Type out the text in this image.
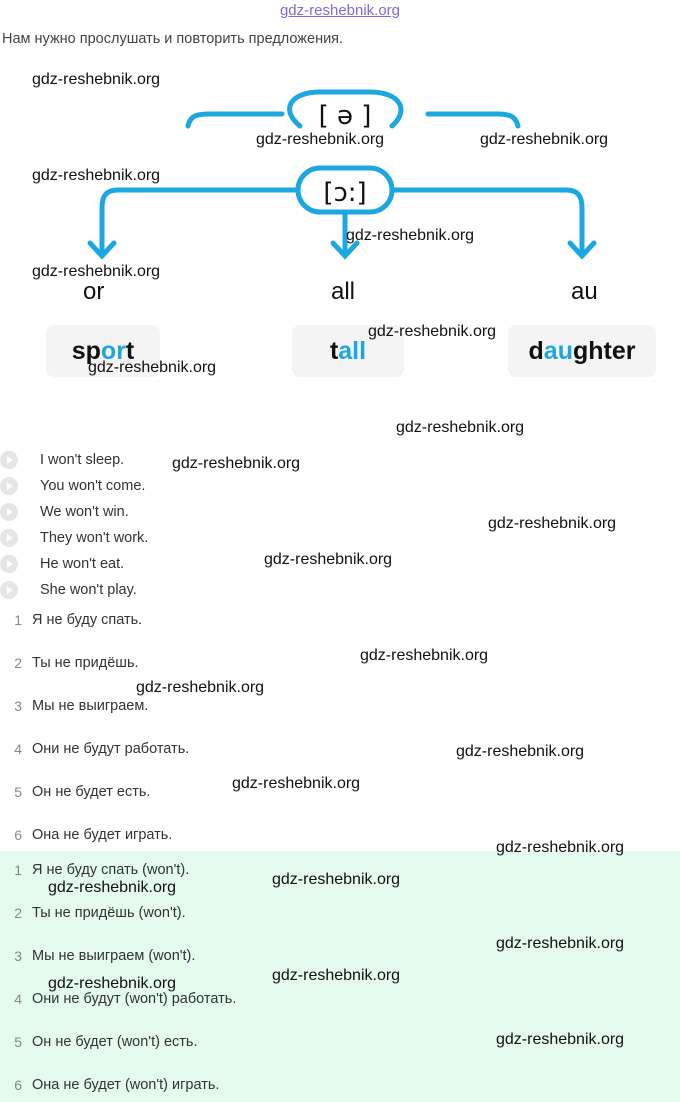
gdz-reshebnik.org
Нам нужно прослушать и повторить предложения.
[ ə ]
[ɔ:]
or	all	au
sp or t	t all	d au ghter
I won't sleep.
You won't come.
We won't win.
They won't work.
He won't eat.
She won't play.
1 Я не буду спать.
2 Ты не придёшь.
3 Мы не выиграем.
4 Они не будут работать.
5 Он не будет есть.
6 Она не будет играть.
1 Я не буду спать (won't).
2 Ты не придёшь (won't).
3 Мы не выиграем (won't).
4 Они не будут (won't) работать.
5 Он не будет (won't) есть.
6 Она не будет (won't) играть.
gdz-reshebnik.org
gdz-reshebnik.org	gdz-reshebnik.org
gdz-reshebnik.org
gdz-reshebnik.org
gdz-reshebnik.org
gdz-reshebnik.org
gdz-reshebnik.org
gdz-reshebnik.org
gdz-reshebnik.org
gdz-reshebnik.org
gdz-reshebnik.org
gdz-reshebnik.org
gdz-reshebnik.org
gdz-reshebnik.org
gdz-reshebnik.org
gdz-reshebnik.org
gdz-reshebnik.org
gdz-reshebnik.org
gdz-reshebnik.org
gdz-reshebnik.org
gdz-reshebnik.org
gdz-reshebnik.org
